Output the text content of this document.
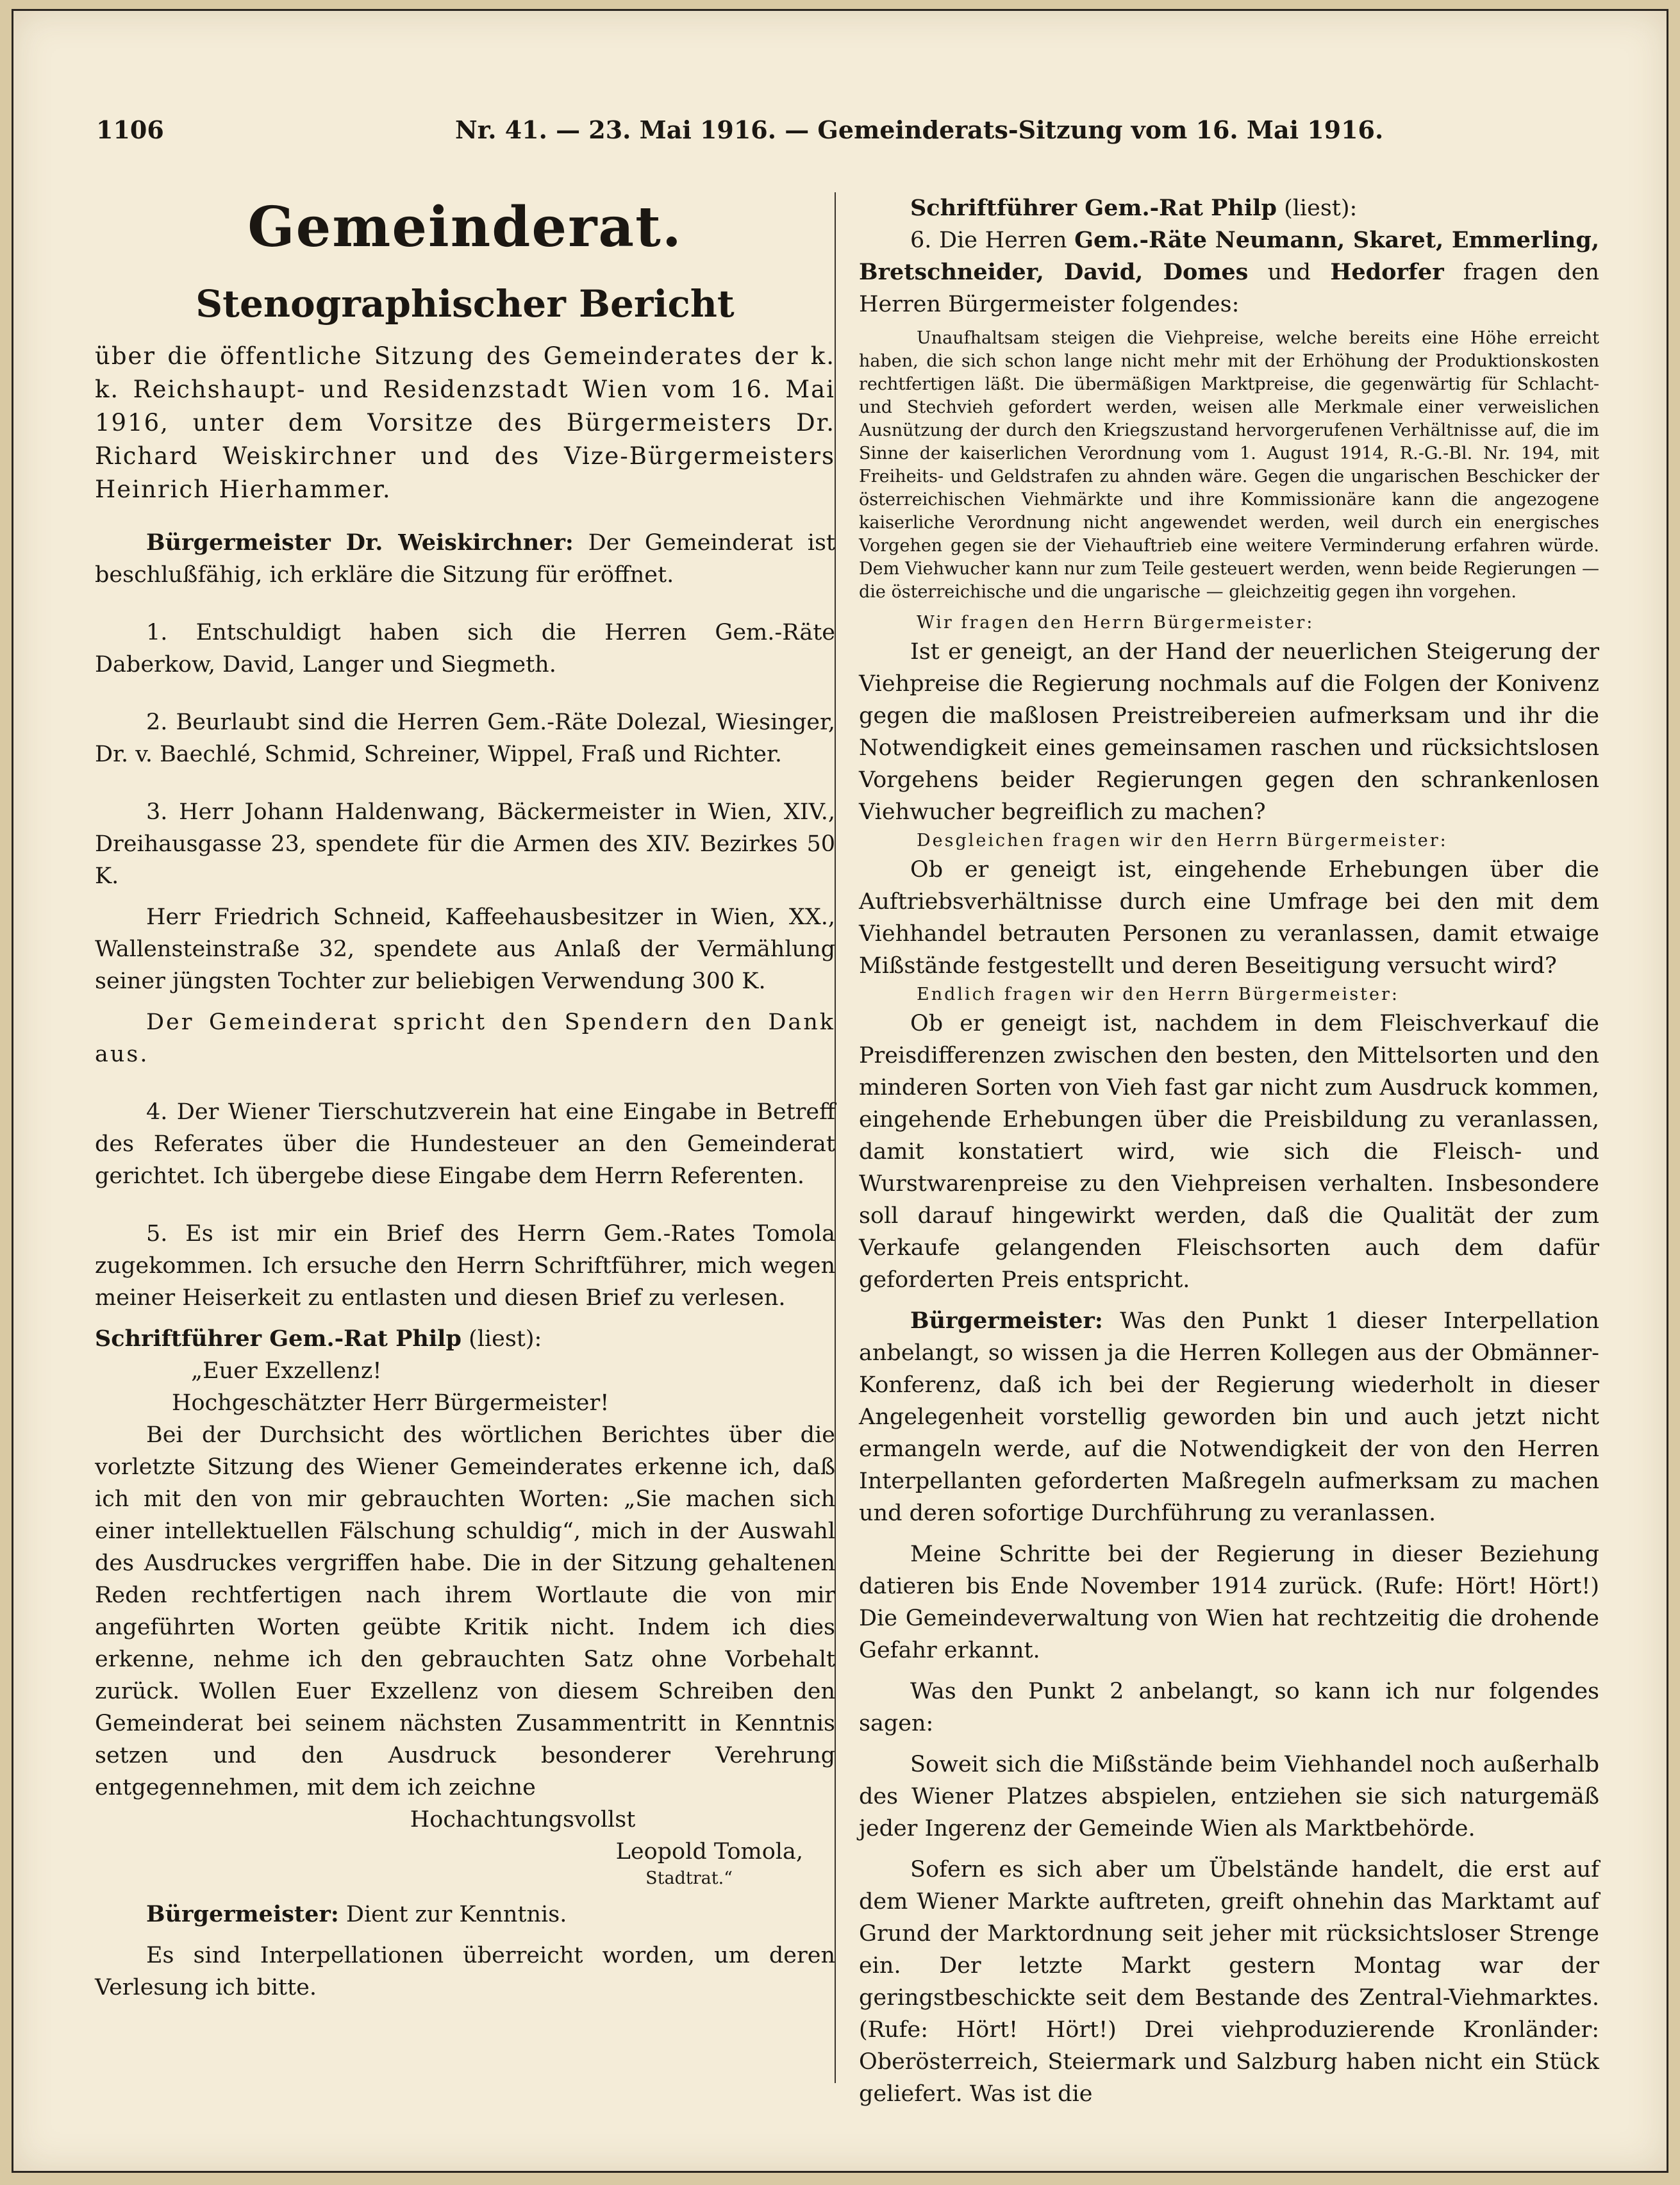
1106	Nr. 41. — 23. Mai 1916. — Gemeinderats-Sitzung vom 16. Mai 1916.
Gemeinderat.
Stenographischer Bericht

über die öffentliche Sitzung des Gemeinderates der k. k. Reichshaupt- und Residenzstadt Wien vom 16. Mai 1916, unter dem Vorsitze des Bürgermeisters Dr. Richard Weiskirchner und des Vize-Bürgermeisters Heinrich Hierhammer.

Bürgermeister Dr. Weiskirchner: Der Gemeinderat ist beschlußfähig, ich erkläre die Sitzung für eröffnet.

1. Entschuldigt haben sich die Herren Gem.-Räte Daberkow, David, Langer und Siegmeth.

2. Beurlaubt sind die Herren Gem.-Räte Dolezal, Wiesinger, Dr. v. Baechlé, Schmid, Schreiner, Wippel, Fraß und Richter.

3. Herr Johann Haldenwang, Bäckermeister in Wien, XIV., Dreihausgasse 23, spendete für die Armen des XIV. Bezirkes 50 K.

Herr Friedrich Schneid, Kaffeehausbesitzer in Wien, XX., Wallensteinstraße 32, spendete aus Anlaß der Vermählung seiner jüngsten Tochter zur beliebigen Verwendung 300 K.

Der Gemeinderat spricht den Spendern den Dank aus.

4. Der Wiener Tierschutzverein hat eine Eingabe in Betreff des Referates über die Hundesteuer an den Gemeinderat gerichtet. Ich übergebe diese Eingabe dem Herrn Referenten.

5. Es ist mir ein Brief des Herrn Gem.-Rates Tomola zugekommen. Ich ersuche den Herrn Schriftführer, mich wegen meiner Heiserkeit zu entlasten und diesen Brief zu verlesen.

Schriftführer Gem.-Rat Philp (liest):

„Euer Exzellenz!

Hochgeschätzter Herr Bürgermeister!

Bei der Durchsicht des wörtlichen Berichtes über die vorletzte Sitzung des Wiener Gemeinderates erkenne ich, daß ich mit den von mir gebrauchten Worten: „Sie machen sich einer intellektuellen Fälschung schuldig“, mich in der Auswahl des Ausdruckes vergriffen habe. Die in der Sitzung gehaltenen Reden rechtfertigen nach ihrem Wortlaute die von mir angeführten Worten geübte Kritik nicht. Indem ich dies erkenne, nehme ich den gebrauchten Satz ohne Vorbehalt zurück. Wollen Euer Exzellenz von diesem Schreiben den Gemeinderat bei seinem nächsten Zusammentritt in Kenntnis setzen und den Ausdruck besonderer Verehrung entgegennehmen, mit dem ich zeichne

Hochachtungsvollst

Leopold Tomola,

Stadtrat.“

Bürgermeister: Dient zur Kenntnis.

Es sind Interpellationen überreicht worden, um deren Verlesung ich bitte.

Schriftführer Gem.-Rat Philp (liest):

6. Die Herren Gem.-Räte Neumann, Skaret, Emmerling, Bretschneider, David, Domes und Hedorfer fragen den Herren Bürgermeister folgendes:

Unaufhaltsam steigen die Viehpreise, welche bereits eine Höhe erreicht haben, die sich schon lange nicht mehr mit der Erhöhung der Produktionskosten rechtfertigen läßt. Die übermäßigen Marktpreise, die gegenwärtig für Schlacht- und Stechvieh gefordert werden, weisen alle Merkmale einer verweislichen Ausnützung der durch den Kriegszustand hervorgerufenen Verhältnisse auf, die im Sinne der kaiserlichen Verordnung vom 1. August 1914, R.-G.-Bl. Nr. 194, mit Freiheits- und Geldstrafen zu ahnden wäre. Gegen die ungarischen Beschicker der österreichischen Viehmärkte und ihre Kommissionäre kann die angezogene kaiserliche Verordnung nicht angewendet werden, weil durch ein energisches Vorgehen gegen sie der Viehauftrieb eine weitere Verminderung erfahren würde. Dem Viehwucher kann nur zum Teile gesteuert werden, wenn beide Regierungen — die österreichische und die ungarische — gleichzeitig gegen ihn vorgehen.

Wir fragen den Herrn Bürgermeister:

Ist er geneigt, an der Hand der neuerlichen Steigerung der Viehpreise die Regierung nochmals auf die Folgen der Konivenz gegen die maßlosen Preistreibereien aufmerksam und ihr die Notwendigkeit eines gemeinsamen raschen und rücksichtslosen Vorgehens beider Regierungen gegen den schrankenlosen Viehwucher begreiflich zu machen?

Desgleichen fragen wir den Herrn Bürgermeister:

Ob er geneigt ist, eingehende Erhebungen über die Auftriebsverhältnisse durch eine Umfrage bei den mit dem Viehhandel betrauten Personen zu veranlassen, damit etwaige Mißstände festgestellt und deren Beseitigung versucht wird?

Endlich fragen wir den Herrn Bürgermeister:

Ob er geneigt ist, nachdem in dem Fleischverkauf die Preisdifferenzen zwischen den besten, den Mittelsorten und den minderen Sorten von Vieh fast gar nicht zum Ausdruck kommen, eingehende Erhebungen über die Preisbildung zu veranlassen, damit konstatiert wird, wie sich die Fleisch- und Wurstwarenpreise zu den Viehpreisen verhalten. Insbesondere soll darauf hingewirkt werden, daß die Qualität der zum Verkaufe gelangenden Fleischsorten auch dem dafür geforderten Preis entspricht.

Bürgermeister: Was den Punkt 1 dieser Interpellation anbelangt, so wissen ja die Herren Kollegen aus der Obmänner-Konferenz, daß ich bei der Regierung wiederholt in dieser Angelegenheit vorstellig geworden bin und auch jetzt nicht ermangeln werde, auf die Notwendigkeit der von den Herren Interpellanten geforderten Maßregeln aufmerksam zu machen und deren sofortige Durchführung zu veranlassen.

Meine Schritte bei der Regierung in dieser Beziehung datieren bis Ende November 1914 zurück. (Rufe: Hört! Hört!) Die Gemeindeverwaltung von Wien hat rechtzeitig die drohende Gefahr erkannt.

Was den Punkt 2 anbelangt, so kann ich nur folgendes sagen:

Soweit sich die Mißstände beim Viehhandel noch außerhalb des Wiener Platzes abspielen, entziehen sie sich naturgemäß jeder Ingerenz der Gemeinde Wien als Marktbehörde.

Sofern es sich aber um Übelstände handelt, die erst auf dem Wiener Markte auftreten, greift ohnehin das Marktamt auf Grund der Marktordnung seit jeher mit rücksichtsloser Strenge ein. Der letzte Markt gestern Montag war der geringstbeschickte seit dem Bestande des Zentral-Viehmarktes. (Rufe: Hört! Hört!) Drei viehproduzierende Kronländer: Oberösterreich, Steiermark und Salzburg haben nicht ein Stück geliefert. Was ist die
